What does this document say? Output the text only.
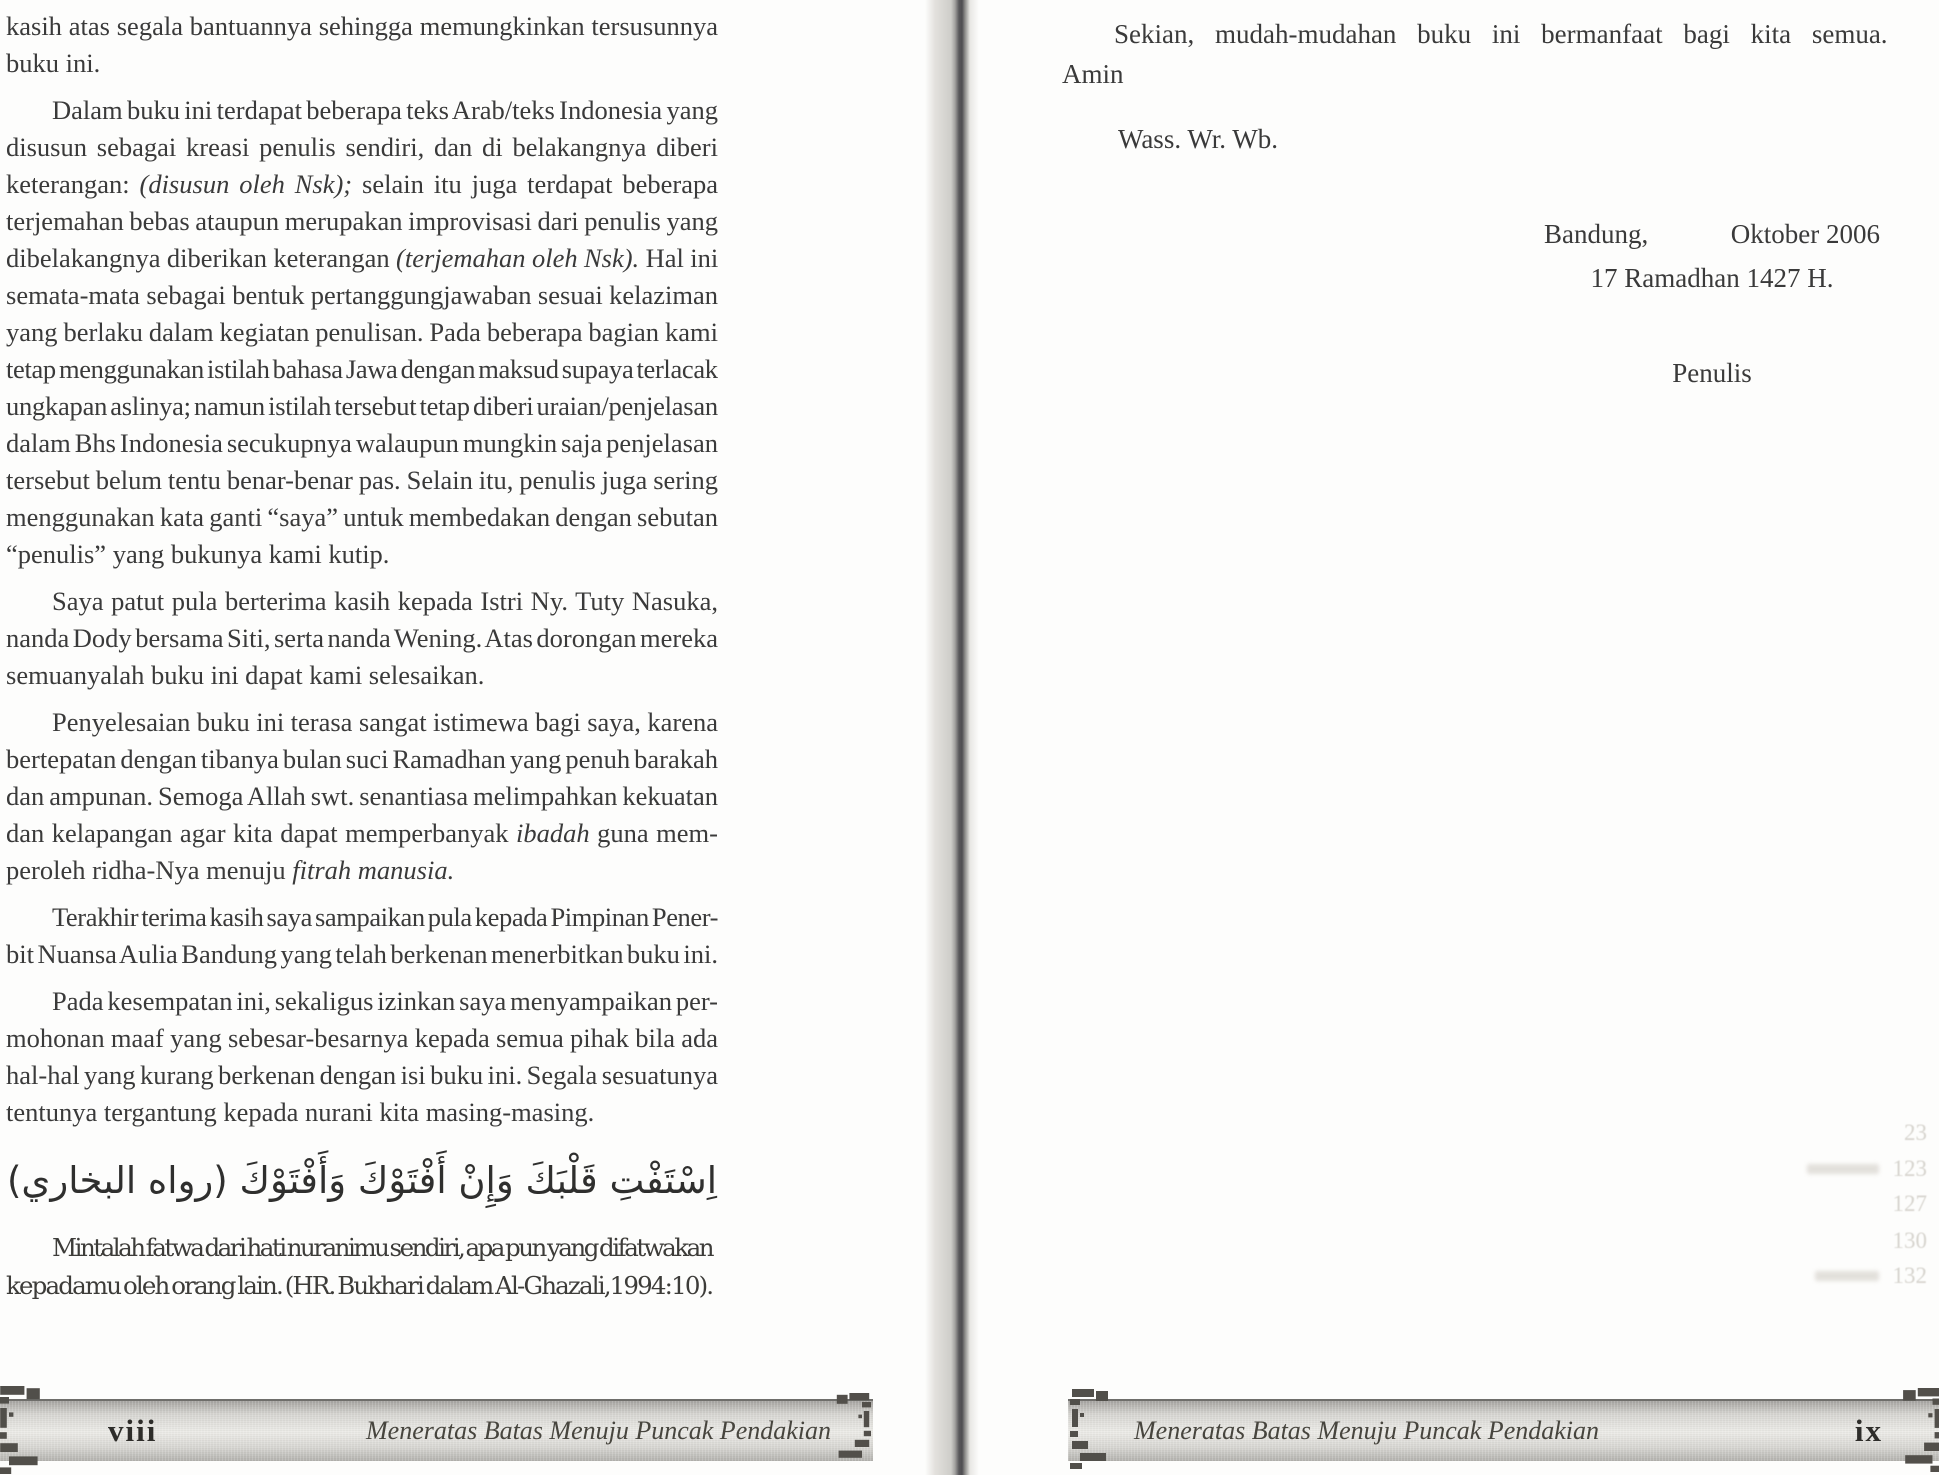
kasih atas segala bantuannya sehingga memungkinkan tersusunnya
buku ini.
Dalam buku ini terdapat beberapa teks Arab/teks Indonesia yang
disusun sebagai kreasi penulis sendiri, dan di belakangnya diberi
keterangan: (disusun oleh Nsk); selain itu juga terdapat beberapa
terjemahan bebas ataupun merupakan improvisasi dari penulis yang
dibelakangnya diberikan keterangan (terjemahan oleh Nsk). Hal ini
semata-mata sebagai bentuk pertanggungjawaban sesuai kelaziman
yang berlaku dalam kegiatan penulisan. Pada beberapa bagian kami
tetap menggunakan istilah bahasa Jawa dengan maksud supaya terlacak
ungkapan aslinya; namun istilah tersebut tetap diberi uraian/penjelasan
dalam Bhs Indonesia secukupnya walaupun mungkin saja penjelasan
tersebut belum tentu benar-benar pas. Selain itu, penulis juga sering
menggunakan kata ganti “saya” untuk membedakan dengan sebutan
“penulis” yang bukunya kami kutip.
Saya patut pula berterima kasih kepada Istri Ny. Tuty Nasuka,
nanda Dody bersama Siti, serta nanda Wening. Atas dorongan mereka
semuanyalah buku ini dapat kami selesaikan.
Penyelesaian buku ini terasa sangat istimewa bagi saya, karena
bertepatan dengan tibanya bulan suci Ramadhan yang penuh barakah
dan ampunan. Semoga Allah swt. senantiasa melimpahkan kekuatan
dan kelapangan agar kita dapat memperbanyak ibadah guna mem-
peroleh ridha-Nya menuju fitrah manusia.
Terakhir terima kasih saya sampaikan pula kepada Pimpinan Pener-
bit Nuansa Aulia Bandung yang telah berkenan menerbitkan buku ini.
Pada kesempatan ini, sekaligus izinkan saya menyampaikan per-
mohonan maaf yang sebesar-besarnya kepada semua pihak bila ada
hal-hal yang kurang berkenan dengan isi buku ini. Segala sesuatunya
tentunya tergantung kepada nurani kita masing-masing.
اِسْتَفْتِ قَلْبَكَ وَإِنْ أَفْتَوْكَ وَأَفْتَوْكَ (رواه البخاري)
Mintalah fatwa dari hati nuranimu sendiri, apa pun yang difatwakan
kepadamu oleh orang lain. (HR. Bukhari dalam Al-Ghazali,1994:10).
Sekian, mudah-mudahan buku ini bermanfaat bagi kita semua.
Amin
Wass. Wr. Wb.
Bandung,	Oktober 2006
17 Ramadhan 1427 H.
Penulis
23
123
127
130
132
viii	Meneratas Batas Menuju Puncak Pendakian	Meneratas Batas Menuju Puncak Pendakian	ix
